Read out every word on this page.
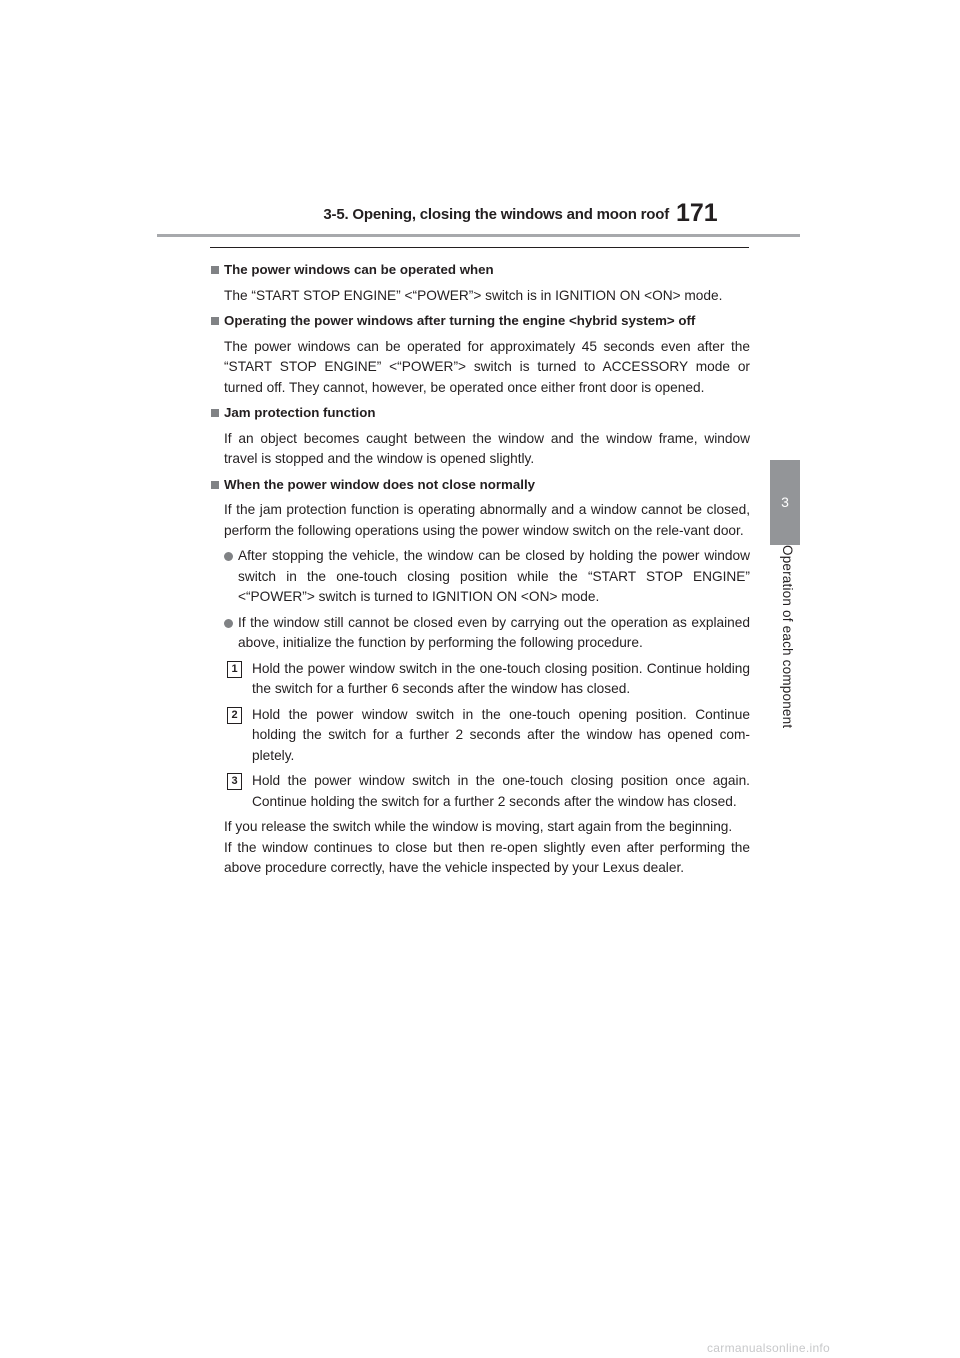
3-5. Opening, closing the windows and moon roof 171
3
Operation of each component
The power windows can be operated when
The “START STOP ENGINE” <“POWER”> switch is in IGNITION ON <ON> mode.
Operating the power windows after turning the engine <hybrid system> off
The power windows can be operated for approximately 45 seconds even after the “START STOP ENGINE” <“POWER”> switch is turned to ACCESSORY mode or turned off. They cannot, however, be operated once either front door is opened.
Jam protection function
If an object becomes caught between the window and the window frame, window travel is stopped and the window is opened slightly.
When the power window does not close normally
If the jam protection function is operating abnormally and a window cannot be closed, perform the following operations using the power window switch on the rele-vant door.
After stopping the vehicle, the window can be closed by holding the power window switch in the one-touch closing position while the “START STOP ENGINE” <“POWER”> switch is turned to IGNITION ON <ON> mode.
If the window still cannot be closed even by carrying out the operation as explained above, initialize the function by performing the following procedure.
1	Hold the power window switch in the one-touch closing position. Continue holding the switch for a further 6 seconds after the window has closed.
2	Hold the power window switch in the one-touch opening position. Continue holding the switch for a further 2 seconds after the window has opened com-pletely.
3	Hold the power window switch in the one-touch closing position once again. Continue holding the switch for a further 2 seconds after the window has closed.
If you release the switch while the window is moving, start again from the beginning.
If the window continues to close but then re-open slightly even after performing the above procedure correctly, have the vehicle inspected by your Lexus dealer.
carmanualsonline.info
